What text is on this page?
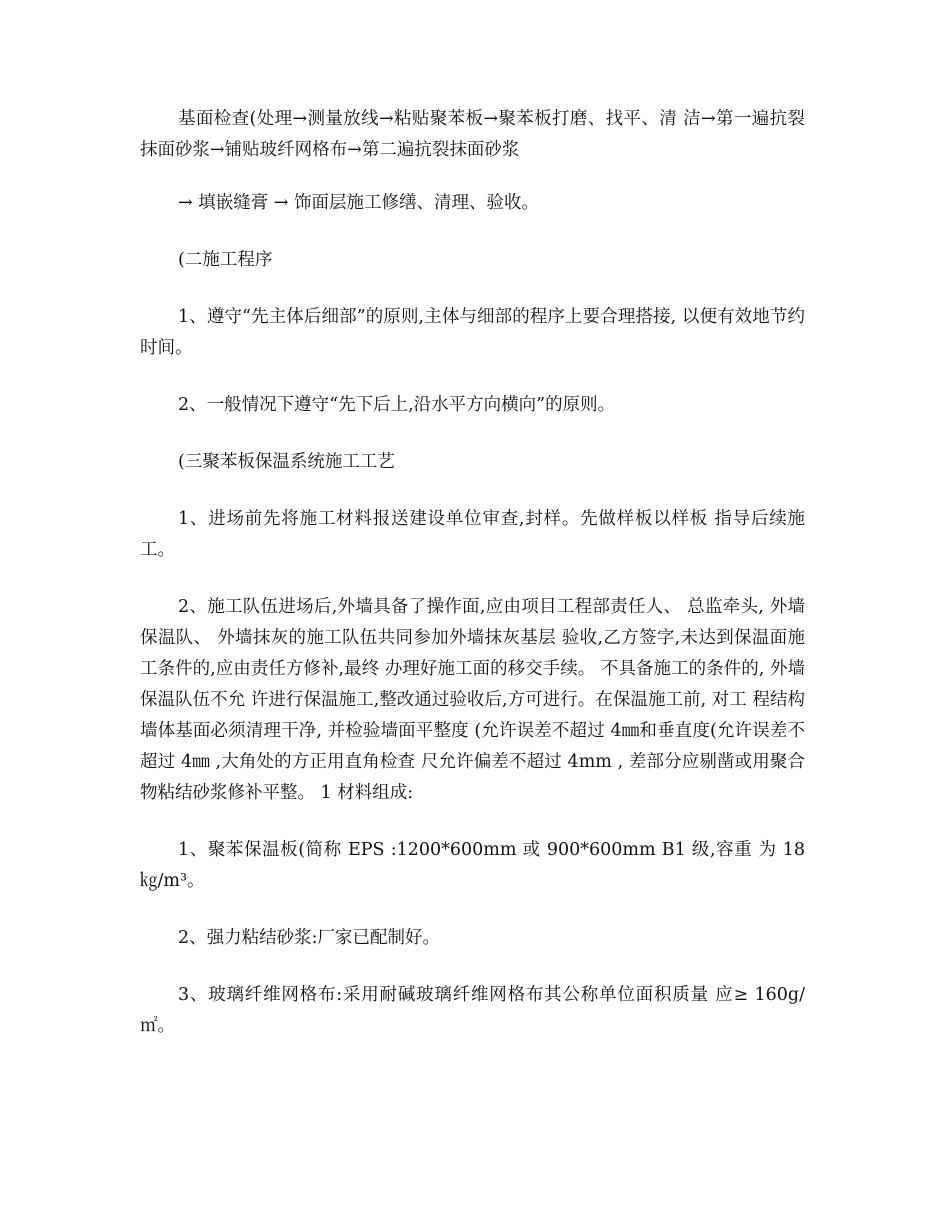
基面检查(处理→测量放线→粘贴聚苯板→聚苯板打磨、找平、清 洁→第一遍抗裂抹面砂浆→铺贴玻纤网格布→第二遍抗裂抹面砂浆

→ 填嵌缝膏 → 饰面层施工修缮、清理、验收。

(二施工程序

1、遵守“先主体后细部”的原则,主体与细部的程序上要合理搭接, 以便有效地节约时间。

2、一般情况下遵守“先下后上,沿水平方向横向”的原则。

(三聚苯板保温系统施工工艺

1、进场前先将施工材料报送建设单位审查,封样。先做样板以样板 指导后续施工。

2、施工队伍进场后,外墙具备了操作面,应由项目工程部责任人、 总监牵头, 外墙保温队、 外墙抹灰的施工队伍共同参加外墙抹灰基层 验收,乙方签字,未达到保温面施工条件的,应由责任方修补,最终 办理好施工面的移交手续。 不具备施工的条件的, 外墙保温队伍不允 许进行保温施工,整改通过验收后,方可进行。在保温施工前, 对工 程结构墙体基面必须清理干净, 并检验墙面平整度 (允许误差不超过 4㎜和垂直度(允许误差不超过 4㎜ ,大角处的方正用直角检查 尺允许偏差不超过 4mm , 差部分应剔凿或用聚合物粘结砂浆修补平整。 1 材料组成:

1、聚苯保温板(简称 EPS :1200*600mm 或 900*600mm B1 级,容重 为 18㎏/m³。

2、强力粘结砂浆:厂家已配制好。

3、玻璃纤维网格布:采用耐碱玻璃纤维网格布其公称单位面积质量 应≥ 160g/㎡。
